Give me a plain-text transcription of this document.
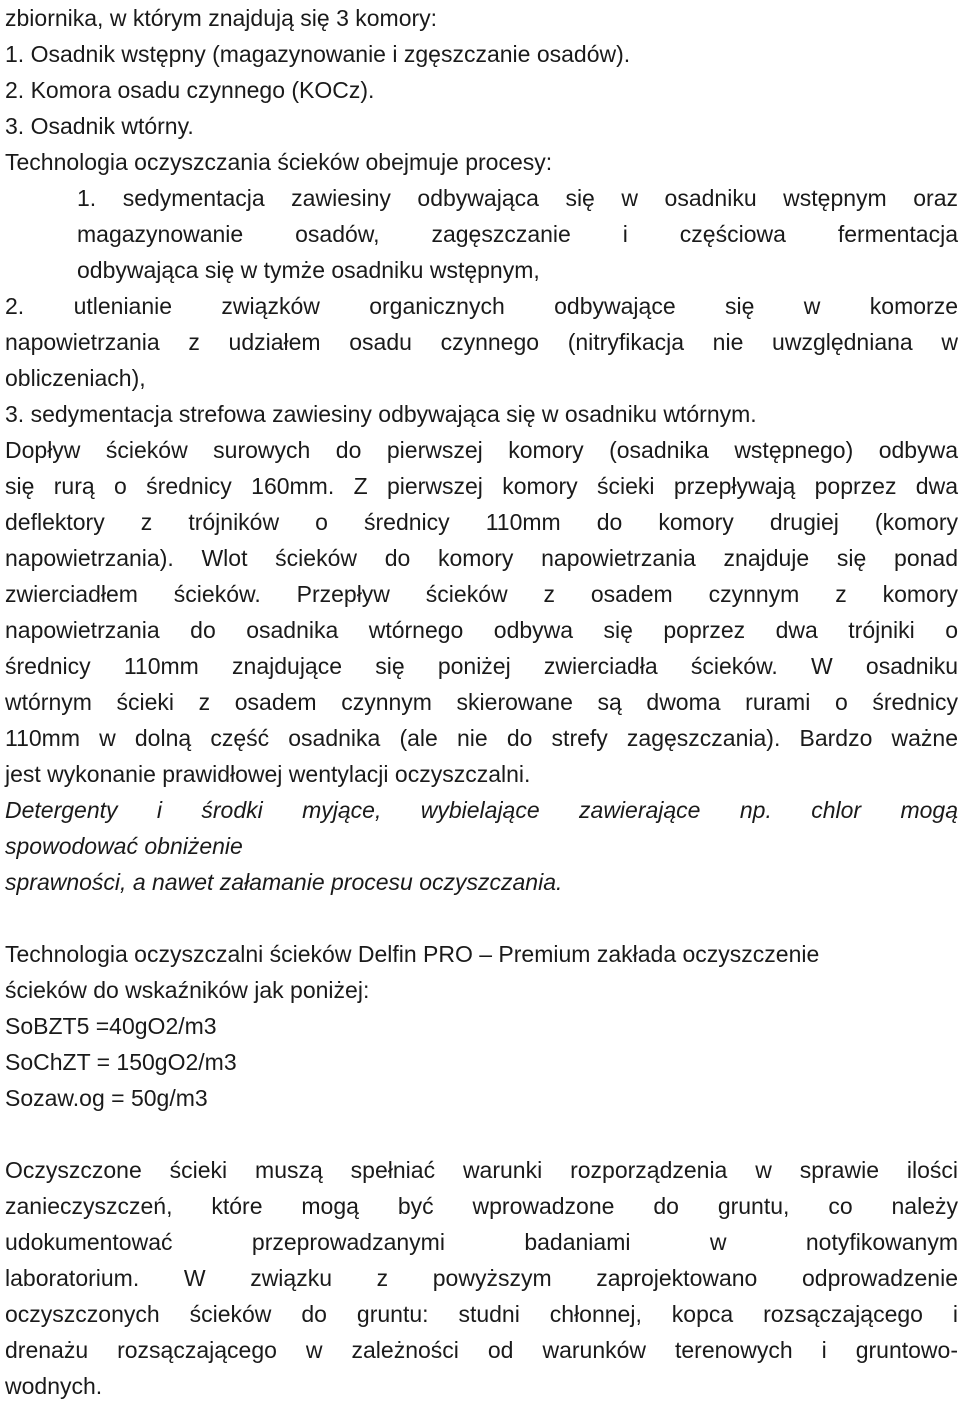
zbiornika, w którym znajdują się 3 komory:
1. Osadnik wstępny (magazynowanie i zgęszczanie osadów).
2. Komora osadu czynnego (KOCz).
3. Osadnik wtórny.
Technologia oczyszczania ścieków obejmuje procesy:
1. sedymentacja zawiesiny odbywająca się w osadniku wstępnym oraz
magazynowanie osadów, zagęszczanie i częściowa fermentacja
odbywająca się w tymże osadniku wstępnym,
2. utlenianie związków organicznych odbywające się w komorze
napowietrzania z udziałem osadu czynnego (nitryfikacja nie uwzględniana w
obliczeniach),
3. sedymentacja strefowa zawiesiny odbywająca się w osadniku wtórnym.
Dopływ ścieków surowych do pierwszej komory (osadnika wstępnego) odbywa
się rurą o średnicy 160mm. Z pierwszej komory ścieki przepływają poprzez dwa
deflektory z trójników o średnicy 110mm do komory drugiej (komory
napowietrzania). Wlot ścieków do komory napowietrzania znajduje się ponad
zwierciadłem ścieków. Przepływ ścieków z osadem czynnym z komory
napowietrzania do osadnika wtórnego odbywa się poprzez dwa trójniki o
średnicy 110mm znajdujące się poniżej zwierciadła ścieków. W osadniku
wtórnym ścieki z osadem czynnym skierowane są dwoma rurami o średnicy
110mm w dolną część osadnika (ale nie do strefy zagęszczania). Bardzo ważne
jest wykonanie prawidłowej wentylacji oczyszczalni.
Detergenty i środki myjące, wybielające zawierające np. chlor mogą
spowodować obniżenie
sprawności, a nawet załamanie procesu oczyszczania.
Technologia oczyszczalni ścieków Delfin PRO – Premium zakłada oczyszczenie
ścieków do wskaźników jak poniżej:
SoBZT5 =40gO2/m3
SoChZT = 150gO2/m3
Sozaw.og = 50g/m3
Oczyszczone ścieki muszą spełniać warunki rozporządzenia w sprawie ilości
zanieczyszczeń, które mogą być wprowadzone do gruntu, co należy
udokumentować przeprowadzanymi badaniami w notyfikowanym
laboratorium. W związku z powyższym zaprojektowano odprowadzenie
oczyszczonych ścieków do gruntu: studni chłonnej, kopca rozsączającego i
drenażu rozsączającego w zależności od warunków terenowych i gruntowo-
wodnych.
